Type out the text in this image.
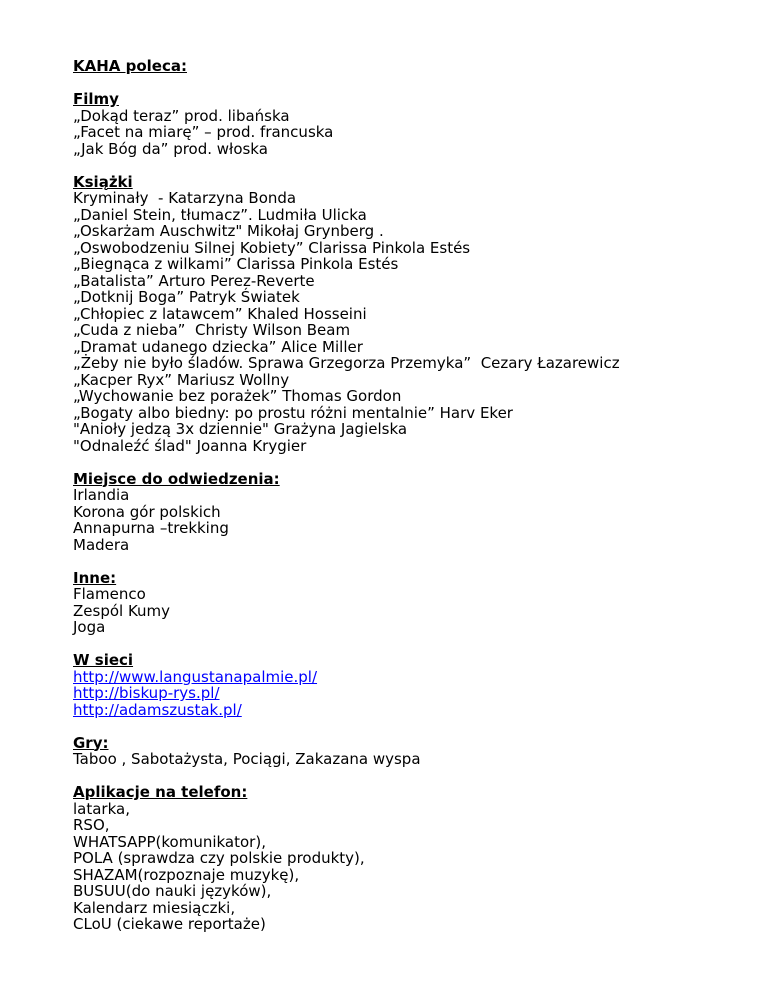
KAHA poleca:
Filmy
„Dokąd teraz” prod. libańska
„Facet na miarę” – prod. francuska
„Jak Bóg da” prod. włoska
Książki
Kryminały  - Katarzyna Bonda
„Daniel Stein, tłumacz”. Ludmiła Ulicka
„Oskarżam Auschwitz" Mikołaj Grynberg .
„Oswobodzeniu Silnej Kobiety” Clarissa Pinkola Estés
„Biegnąca z wilkami” Clarissa Pinkola Estés
„Batalista” Arturo Perez-Reverte
„Dotknij Boga” Patryk Światek
„Chłopiec z latawcem” Khaled Hosseini
„Cuda z nieba”  Christy Wilson Beam
„Dramat udanego dziecka” Alice Miller
„Żeby nie było śladów. Sprawa Grzegorza Przemyka”  Cezary Łazarewicz
„Kacper Ryx” Mariusz Wollny
„Wychowanie bez porażek” Thomas Gordon
„Bogaty albo biedny: po prostu różni mentalnie” Harv Eker
"Anioły jedzą 3x dziennie" Grażyna Jagielska
"Odnaleźć ślad" Joanna Krygier
Miejsce do odwiedzenia:
Irlandia
Korona gór polskich
Annapurna –trekking
Madera
Inne:
Flamenco
Zespól Kumy
Joga
W sieci
http://www.langustanapalmie.pl/
http://biskup-rys.pl/
http://adamszustak.pl/
Gry:
Taboo , Sabotażysta, Pociągi, Zakazana wyspa
Aplikacje na telefon:
latarka,
RSO,
WHATSAPP(komunikator),
POLA (sprawdza czy polskie produkty),
SHAZAM(rozpoznaje muzykę),
BUSUU(do nauki języków),
Kalendarz miesiączki,
CLoU (ciekawe reportaże)
